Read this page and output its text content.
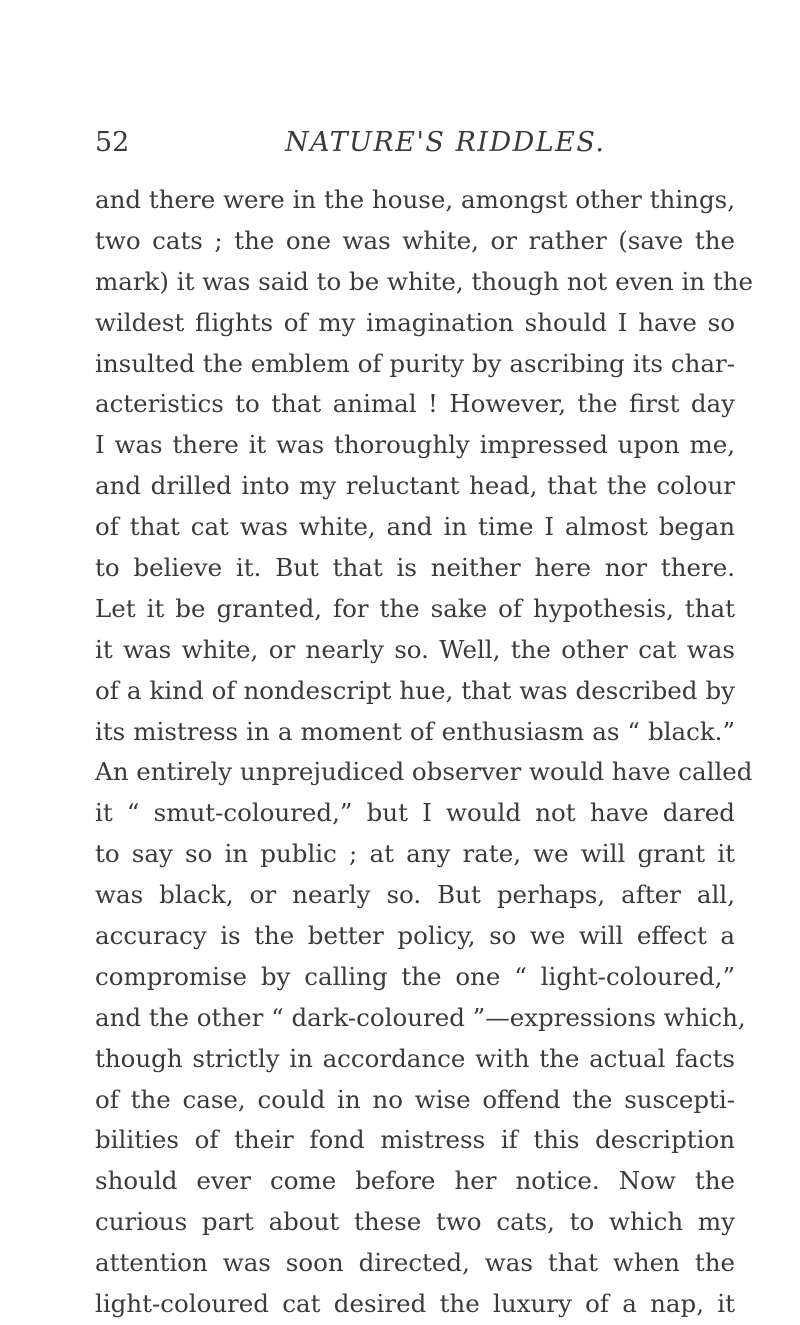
52	NATURE'S RIDDLES.
and there were in the house, amongst other things,
two cats ; the one was white, or rather (save the
mark) it was said to be white, though not even in the
wildest flights of my imagination should I have so
insulted the emblem of purity by ascribing its char-
acteristics to that animal ! However, the first day
I was there it was thoroughly impressed upon me,
and drilled into my reluctant head, that the colour
of that cat was white, and in time I almost began
to believe it. But that is neither here nor there.
Let it be granted, for the sake of hypothesis, that
it was white, or nearly so. Well, the other cat was
of a kind of nondescript hue, that was described by
its mistress in a moment of enthusiasm as “ black.”
An entirely unprejudiced observer would have called
it “ smut-coloured,” but I would not have dared
to say so in public ; at any rate, we will grant it
was black, or nearly so. But perhaps, after all,
accuracy is the better policy, so we will effect a
compromise by calling the one “ light-coloured,”
and the other “ dark-coloured ”—expressions which,
though strictly in accordance with the actual facts
of the case, could in no wise offend the suscepti-
bilities of their fond mistress if this description
should ever come before her notice. Now the
curious part about these two cats, to which my
attention was soon directed, was that when the
light-coloured cat desired the luxury of a nap, it
